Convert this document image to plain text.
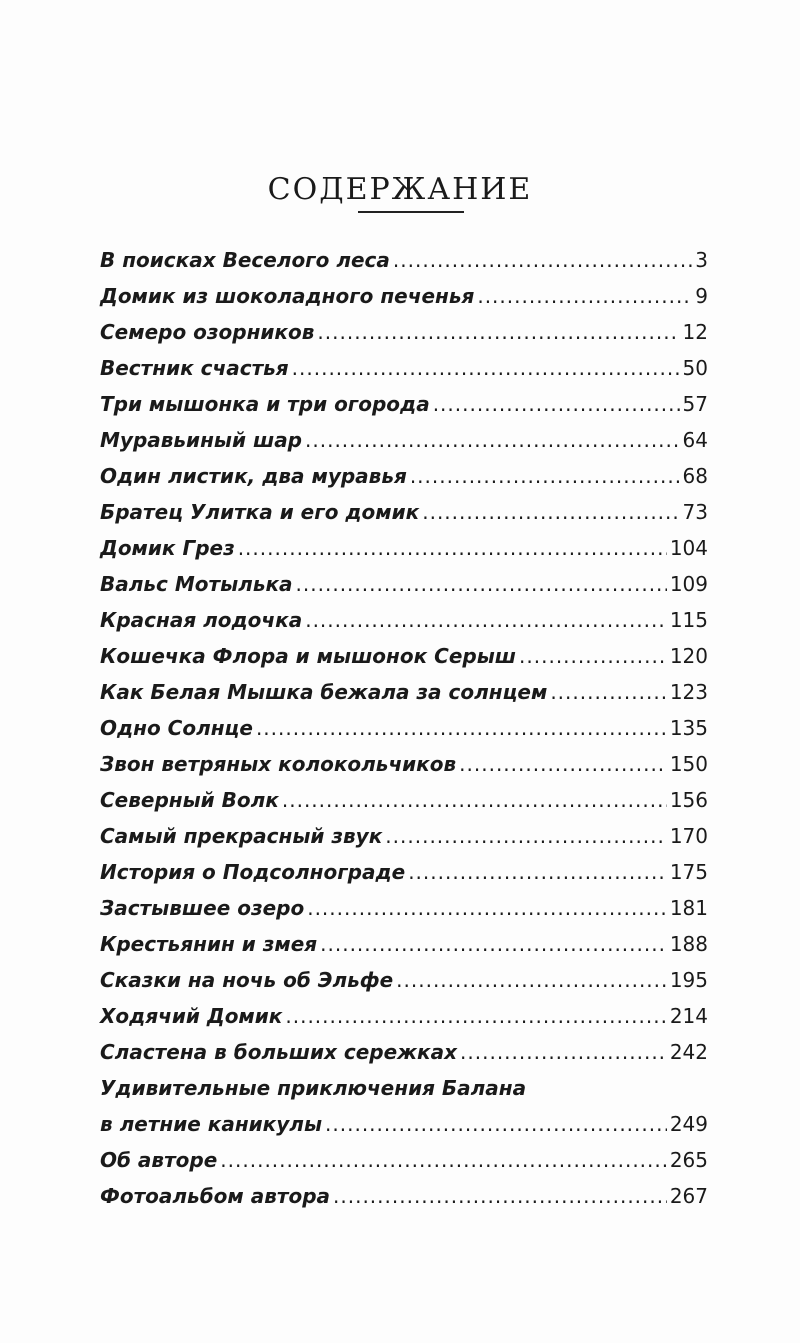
СОДЕРЖАНИЕ
В поисках Веселого леса .....	3
Домик из шоколадного печенья .....	9
Семеро озорников .....	12
Вестник счастья .....	50
Три мышонка и три огорода .....	57
Муравьиный шар .....	64
Один листик, два муравья .....	68
Братец Улитка и его домик .....	73
Домик Грез .....	104
Вальс Мотылька .....	109
Красная лодочка .....	115
Кошечка Флора и мышонок Серыш .....	120
Как Белая Мышка бежала за солнцем .....	123
Одно Солнце .....	135
Звон ветряных колокольчиков .....	150
Северный Волк .....	156
Самый прекрасный звук .....	170
История о Подсолнограде .....	175
Застывшее озеро .....	181
Крестьянин и змея .....	188
Сказки на ночь об Эльфе .....	195
Ходячий Домик .....	214
Сластена в больших сережках .....	242
Удивительные приключения Балана
в летние каникулы .....	249
Об авторе .....	265
Фотоальбом автора .....	267
